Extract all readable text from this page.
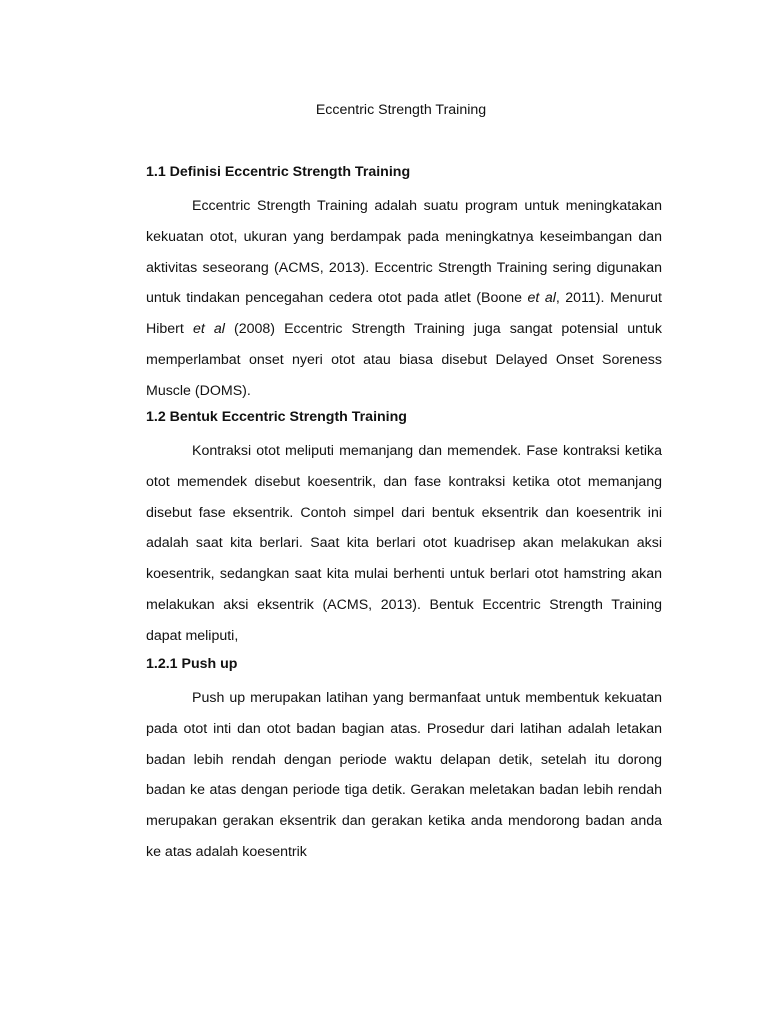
Eccentric Strength Training
1.1 Definisi Eccentric Strength Training

Eccentric Strength Training adalah suatu program untuk meningkatakan kekuatan otot, ukuran yang berdampak pada meningkatnya keseimbangan dan aktivitas seseorang (ACMS, 2013). Eccentric Strength Training sering digunakan untuk tindakan pencegahan cedera otot pada atlet (Boone et al, 2011). Menurut Hibert et al (2008) Eccentric Strength Training juga sangat potensial untuk memperlambat onset nyeri otot atau biasa disebut Delayed Onset Soreness Muscle (DOMS).

1.2 Bentuk Eccentric Strength Training

Kontraksi otot meliputi memanjang dan memendek. Fase kontraksi ketika otot memendek disebut koesentrik, dan fase kontraksi ketika otot memanjang disebut fase eksentrik. Contoh simpel dari bentuk eksentrik dan koesentrik ini adalah saat kita berlari. Saat kita berlari otot kuadrisep akan melakukan aksi koesentrik, sedangkan saat kita mulai berhenti untuk berlari otot hamstring akan melakukan aksi eksentrik (ACMS, 2013). Bentuk Eccentric Strength Training dapat meliputi,

1.2.1 Push up

Push up merupakan latihan yang bermanfaat untuk membentuk kekuatan pada otot inti dan otot badan bagian atas. Prosedur dari latihan adalah letakan badan lebih rendah dengan periode waktu delapan detik, setelah itu dorong badan ke atas dengan periode tiga detik. Gerakan meletakan badan lebih rendah merupakan gerakan eksentrik dan gerakan ketika anda mendorong badan anda ke atas adalah koesentrik
